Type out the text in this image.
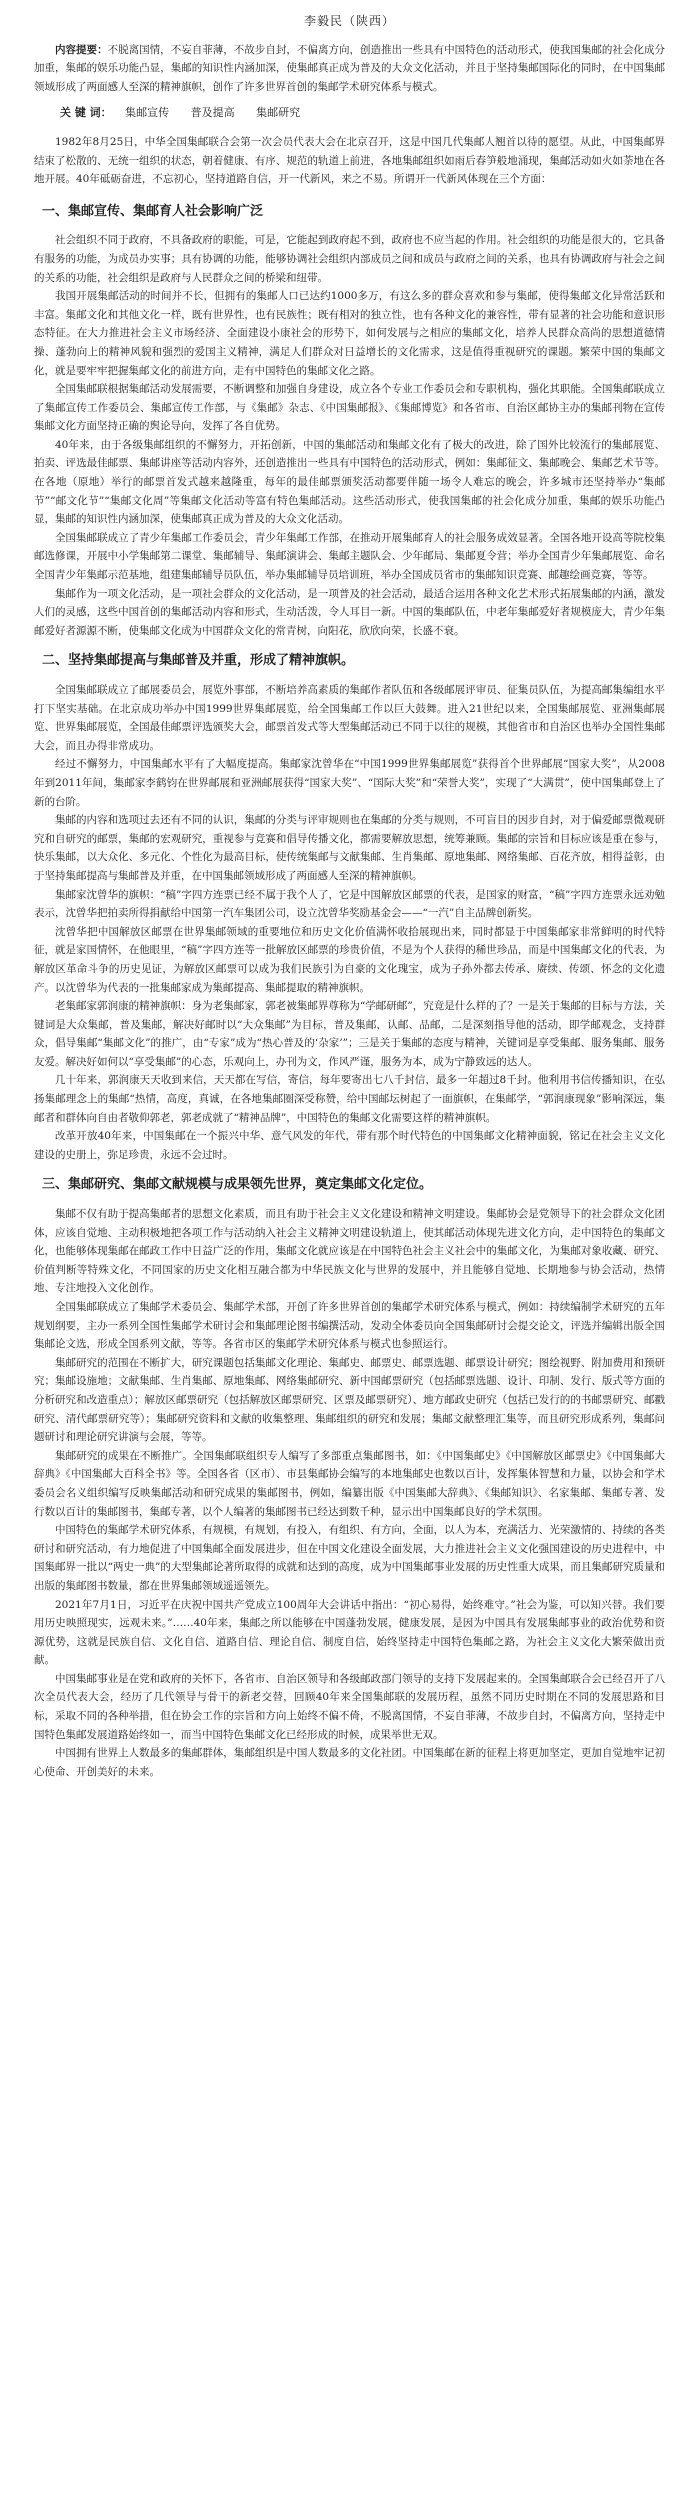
李毅民（陕西）
内容提要：不脱离国情，不妄自菲薄，不故步自封，不偏离方向，创造推出一些具有中国特色的活动形式，使我国集邮的社会化成分加重，集邮的娱乐功能凸显，集邮的知识性内涵加深，使集邮真正成为普及的大众文化活动，并且于坚持集邮国际化的同时，在中国集邮领域形成了两面感人至深的精神旗帜，创作了许多世界首创的集邮学术研究体系与模式。
关 键 词： 集邮宣传 普及提高 集邮研究

1982年8月25日，中华全国集邮联合会第一次会员代表大会在北京召开，这是中国几代集邮人翘首以待的愿望。从此，中国集邮界结束了松散的、无统一组织的状态，朝着健康、有序、规范的轨道上前进，各地集邮组织如雨后春笋般地涌现，集邮活动如火如荼地在各地开展。40年砥砺奋进，不忘初心，坚持道路自信，开一代新风，来之不易。所谓开一代新风体现在三个方面：

一、集邮宣传、集邮育人社会影响广泛

社会组织不同于政府，不具备政府的职能，可是，它能起到政府起不到，政府也不应当起的作用。社会组织的功能是很大的，它具备有服务的功能，为成员办实事；具有协调的功能，能够协调社会组织内部成员之间和成员与政府之间的关系，也具有协调政府与社会之间的关系的功能，社会组织是政府与人民群众之间的桥梁和纽带。

我国开展集邮活动的时间并不长，但拥有的集邮人口已达约1000多万，有这么多的群众喜欢和参与集邮，使得集邮文化异常活跃和丰富。集邮文化和其他文化一样，既有世界性，也有民族性；既有相对的独立性，也有各种文化的兼容性，带有显著的社会功能和意识形态特征。在大力推进社会主义市场经济、全面建设小康社会的形势下，如何发展与之相应的集邮文化，培养人民群众高尚的思想道德情操、蓬勃向上的精神风貌和强烈的爱国主义精神，满足人们群众对日益增长的文化需求，这是值得重视研究的课题。繁荣中国的集邮文化，就是要牢牢把握集邮文化的前进方向，走有中国特色的集邮文化之路。

全国集邮联根据集邮活动发展需要，不断调整和加强自身建设，成立各个专业工作委员会和专职机构，强化其职能。全国集邮联成立了集邮宣传工作委员会、集邮宣传工作部，与《集邮》杂志、《中国集邮报》、《集邮博览》和各省市、自治区邮协主办的集邮刊物在宣传集邮文化方面坚持正确的舆论导向，发挥了各自优势。

40年来，由于各级集邮组织的不懈努力，开拓创新，中国的集邮活动和集邮文化有了极大的改进，除了国外比较流行的集邮展览、拍卖、评选最佳邮票、集邮讲座等活动内容外，还创造推出一些具有中国特色的活动形式，例如：集邮征文、集邮晚会、集邮艺术节等。在各地（原地）举行的邮票首发式越来越隆重，每年的最佳邮票颁奖活动都要伴随一场令人难忘的晚会，许多城市还坚持举办“集邮节”“邮文化节”“集邮文化周”等集邮文化活动等富有特色集邮活动。这些活动形式，使我国集邮的社会化成分加重，集邮的娱乐功能凸显，集邮的知识性内涵加深，使集邮真正成为普及的大众文化活动。

全国集邮联成立了青少年集邮工作委员会，青少年集邮工作部，在推动开展集邮育人的社会服务成效显著。全国各地开设高等院校集邮选修课，开展中小学集邮第二课堂、集邮辅导、集邮演讲会、集邮主题队会、少年邮局、集邮夏令营；举办全国青少年集邮展览、命名全国青少年集邮示范基地，组建集邮辅导员队伍，举办集邮辅导员培训班，举办全国成员省市的集邮知识竞赛、邮趣绘画竞赛，等等。

集邮作为一项文化活动，是一项社会群众的文化活动，是一项普及的社会活动，最适合运用各种文化艺术形式拓展集邮的内涵，激发人们的灵感，这些中国首创的集邮活动内容和形式，生动活泼，令人耳目一新。中国的集邮队伍，中老年集邮爱好者规模庞大，青少年集邮爱好者源源不断，使集邮文化成为中国群众文化的常青树，向阳花，欣欣向荣，长盛不衰。

二、坚持集邮提高与集邮普及并重，形成了精神旗帜。

全国集邮联成立了邮展委员会，展览外事部，不断培养高素质的集邮作者队伍和各级邮展评审员、征集员队伍，为提高邮集编组水平打下坚实基础。在北京成功举办中国1999世界集邮展览，给全国集邮工作以巨大鼓舞。进入21世纪以来，全国集邮展览、亚洲集邮展览、世界集邮展览，全国最佳邮票评选颁奖大会，邮票首发式等大型集邮活动已不同于以往的规模，其他省市和自治区也举办全国性集邮大会，而且办得非常成功。

经过不懈努力，中国集邮水平有了大幅度提高。集邮家沈曾华在“中国1999世界集邮展览”获得首个世界邮展“国家大奖”，从2008年到2011年间，集邮家李鹤钧在世界邮展和亚洲邮展获得“国家大奖”、“国际大奖”和“荣誉大奖”，实现了“大满贯”，使中国集邮登上了新的台阶。

集邮的内容和选项过去还有不同的认识，集邮的分类与评审规则也在集邮的分类与规则，不可盲目的因步自封，对于偏爱邮票微观研究和自研究的邮票，集邮的宏观研究，重视参与竞赛和倡导传播文化，都需要解放思想，统筹兼顾。集邮的宗旨和目标应该是重在参与，快乐集邮，以大众化、多元化、个性化为最高目标，使传统集邮与文献集邮、生肖集邮、原地集邮、网络集邮、百花齐放，相得益彰，由于坚持集邮提高与集邮普及并重，在中国集邮领域形成了两面感人至深的精神旗帜。

集邮家沈曾华的旗帜：“稿”字四方连票已经不属于我个人了，它是中国解放区邮票的代表，是国家的财富，“稿”字四方连票永远劝勉表示，沈曾华把拍卖所得捐献给中国第一汽车集团公司，设立沈曾华奖励基金会——“一汽”自主品牌创新奖。

沈曾华把中国解放区邮票在世界集邮领域的重要地位和历史文化价值满怀收拾展现出来，同时都显于中国集邮家非常鲜明的时代特征，就是家国情怀，在他眼里，“稿”字四方连等一批解放区邮票的珍贵价值，不是为个人获得的稀世珍品，而是中国集邮文化的代表，为解放区革命斗争的历史见证，为解放区邮票可以成为我们民族引为自豪的文化瑰宝，成为子孙外都去传承、赓续、传颂、怀念的文化遗产。以沈曾华为代表的一批集邮家成为集邮提高、集邮提取的精神旗帜。

老集邮家郭润康的精神旗帜：身为老集邮家，郭老被集邮界尊称为“学邮研邮”，究竟是什么样的了？一是关于集邮的目标与方法，关键词是大众集邮，普及集邮，解决好邮时以“大众集邮”为目标，普及集邮，认邮、品邮，二是深刻指导他的活动，即学邮观念，支持群众，倡导集邮“集邮文化”的推广，由“专家”成为“热心普及的‘杂家’”；三是关于集邮的态度与精神，关键词是享受集邮、服务集邮、服务友爱。解决好如何以“享受集邮”的心态，乐观向上，办刊为文，作风严谨，服务为本，成为宁静致远的达人。

几十年来，郭润康天天收到来信，天天都在写信，寄信，每年要寄出七八千封信，最多一年超过8千封。他利用书信传播知识，在弘扬集邮理念上的集邮“热情，高度，真诚，在各地集邮圈深受称赞，给中国邮坛树起了一面旗帜，在集邮学，“郭润康现象”影响深远，集邮者和群体向自由者敬仰郭老，郭老成就了“精神品牌”，中国特色的集邮文化需要这样的精神旗帜。

改革开放40年来，中国集邮在一个振兴中华、意气风发的年代，带有那个时代特色的中国集邮文化精神面貌，铭记在社会主义文化建设的史册上，弥足珍贵，永远不会过时。

三、集邮研究、集邮文献规模与成果领先世界，奠定集邮文化定位。

集邮不仅有助于提高集邮者的思想文化素质，而且有助于社会主义文化建设和精神文明建设。集邮协会是党领导下的社会群众文化团体，应该自觉地、主动积极地把各项工作与活动纳入社会主义精神文明建设轨道上，使其邮活动体现先进文化方向，走中国特色的集邮文化，也能够体现集邮在邮政工作中日益广泛的作用，集邮文化就应该是在中国特色社会主义社会中的集邮文化，为集邮对象收藏、研究、价值判断等特殊文化，不同国家的历史文化相互融合都为中华民族文化与世界的发展中，并且能够自觉地、长期地参与协会活动，热情地、专注地投入文化创作。

全国集邮联成立了集邮学术委员会、集邮学术部，开创了许多世界首创的集邮学术研究体系与模式，例如：持续编制学术研究的五年规划纲要，主办一系列全国性集邮学术研讨会和集邮理论图书编撰活动，发动全体委员向全国集邮研讨会提交论文，评选并编辑出版全国集邮论文选，形成全国系列文献，等等。各省市区的集邮学术研究体系与模式也参照运行。

集邮研究的范围在不断扩大，研究课题包括集邮文化理论、集邮史、邮票史、邮票选题、邮票设计研究；图绘视野、附加费用和预研究；集邮设施地；文献集邮、生肖集邮、原地集邮、网络集邮研究、新中国邮票研究（包括邮票选题、设计、印制、发行、版式等方面的分析研究和改造重点）；解放区邮票研究（包括解放区邮票研究、区票及邮票研究）、地方邮政史研究（包括已发行的的书邮票研究、邮戳研究、清代邮票研究等）；集邮研究资料和文献的收集整理、集邮组织的研究和发展；集邮文献整理汇集等，而且研究形成系列，集邮问题研讨和理论研究讲演与会展，等等。

集邮研究的成果在不断推广。全国集邮联组织专人编写了多部重点集邮图书，如：《中国集邮史》《中国解放区邮票史》《中国集邮大辞典》《中国集邮大百科全书》等。全国各省（区市）、市县集邮协会编写的本地集邮史也数以百计，发挥集体智慧和力量，以协会和学术委员会名义组织编写反映集邮活动和研究成果的集邮图书，例如，编纂出版《中国集邮大辞典》、《集邮知识》、名家集邮、集邮专著、发行数以百计的集邮图书，集邮专著，以个人编著的集邮图书已经达到数千种，显示出中国集邮良好的学术氛围。

中国特色的集邮学术研究体系，有规模，有规划，有投入，有组织、有方向，全面，以人为本，充满活力、光荣激情的、持续的各类研讨和研究活动，有力地促进了中国集邮全面发展进步，但在中国文化建设全面发展，大力推进社会主义文化强国建设的历史进程中，中国集邮界一批以“两史一典”的大型集邮论著所取得的成就和达到的高度，成为中国集邮事业发展的历史性重大成果，而且集邮研究质量和出版的集邮图书数量，都在世界集邮领域遥遥领先。

2021年7月1日，习近平在庆祝中国共产党成立100周年大会讲话中指出：“初心易得，始终难守。”社会为鉴，可以知兴替。我们要用历史映照现实，远观未来。”……40年来，集邮之所以能够在中国蓬勃发展，健康发展，是因为中国具有发展集邮事业的政治优势和资源优势，这就是民族自信、文化自信、道路自信、理论自信、制度自信，始终坚持走中国特色集邮之路，为社会主义文化大繁荣做出贡献。

中国集邮事业是在党和政府的关怀下，各省市、自治区领导和各级邮政部门领导的支持下发展起来的。全国集邮联合会已经召开了八次全员代表大会，经历了几代领导与骨干的新老交替，回顾40年来全国集邮联的发展历程，虽然不同历史时期在不同的发展思路和目标，采取不同的各种举措，但在协会工作的宗旨和方向上始终不偏不倚，不脱离国情，不妄自菲薄，不故步自封，不偏离方向，坚持走中国特色集邮发展道路始终如一，而当中国特色集邮文化已经形成的时候，成果举世无双。

中国拥有世界上人数最多的集邮群体，集邮组织是中国人数最多的文化社团。中国集邮在新的征程上将更加坚定，更加自觉地牢记初心使命、开创美好的未来。
